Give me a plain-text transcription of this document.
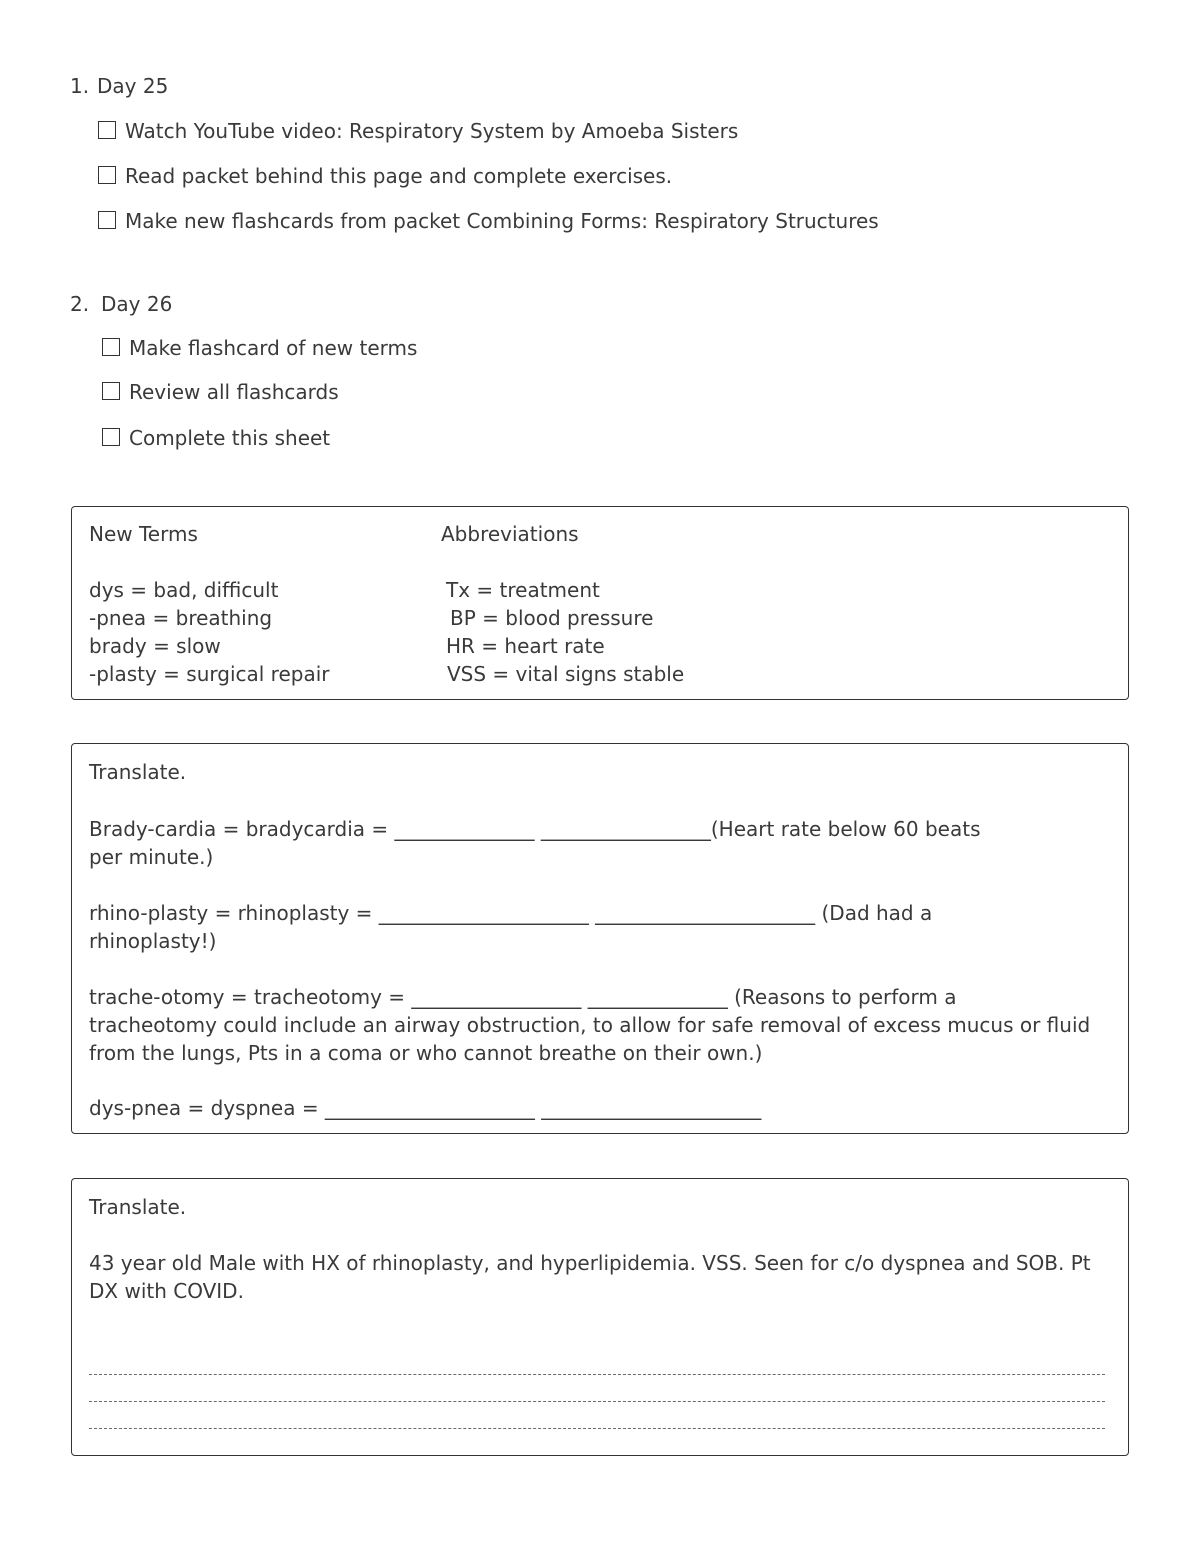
1. Day 25
Watch YouTube video: Respiratory System by Amoeba Sisters
Read packet behind this page and complete exercises.
Make new flashcards from packet Combining Forms: Respiratory Structures
2. Day 26
Make flashcard of new terms
Review all flashcards
Complete this sheet
New Terms	Abbreviations
dys = bad, difficult
-pnea = breathing
brady = slow
-plasty = surgical repair
Tx = treatment
BP = blood pressure
HR = heart rate
VSS = vital signs stable
Translate.
Brady-cardia = bradycardia = ______________ _________________(Heart rate below 60 beats
per minute.)
rhino-plasty = rhinoplasty = _____________________ ______________________ (Dad had a
rhinoplasty!)
trache-otomy = tracheotomy = _________________ ______________ (Reasons to perform a
tracheotomy could include an airway obstruction, to allow for safe removal of excess mucus or fluid
from the lungs, Pts in a coma or who cannot breathe on their own.)
dys-pnea = dyspnea = _____________________ ______________________
Translate.
43 year old Male with HX of rhinoplasty, and hyperlipidemia. VSS. Seen for c/o dyspnea and SOB. Pt
DX with COVID.
